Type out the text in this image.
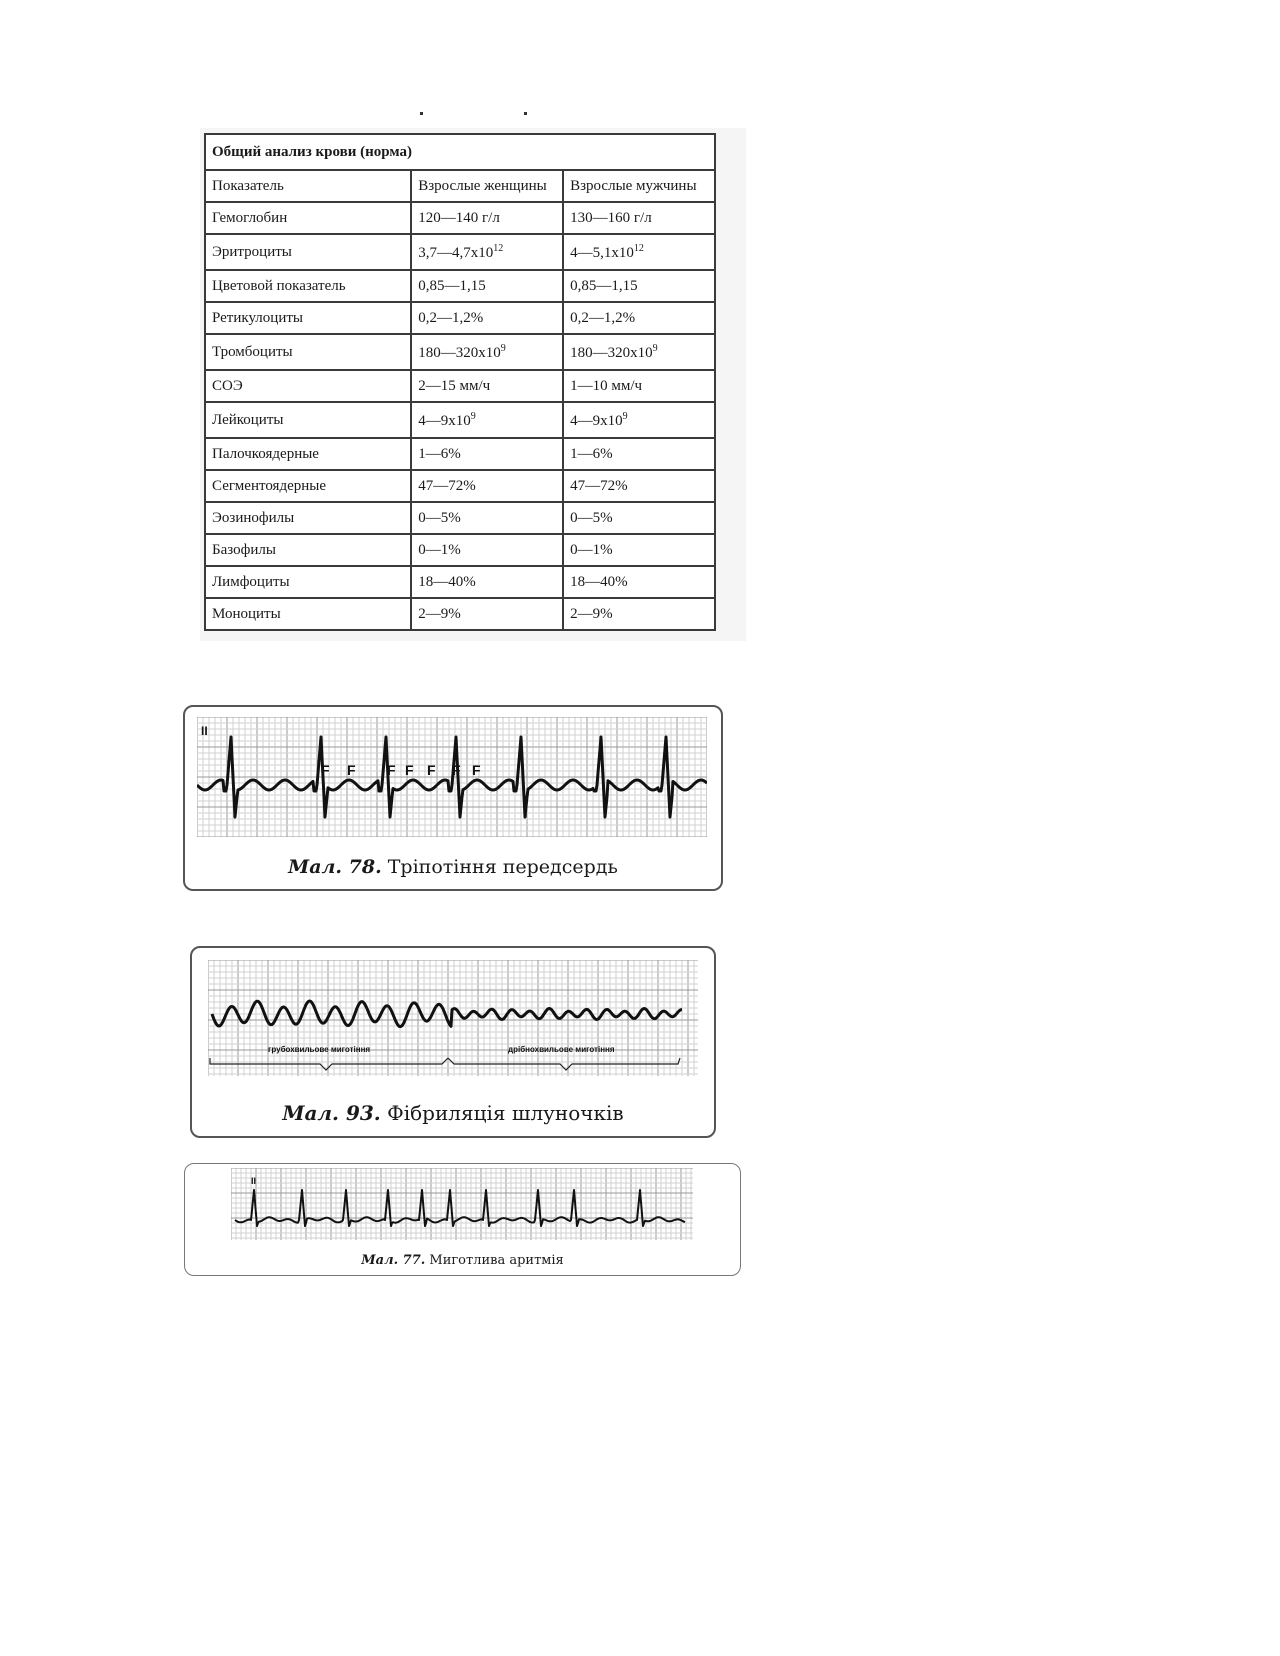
Общий анализ крови (норма)		
Показатель	Взрослые женщины	Взрослые мужчины
Гемоглобин	120—140 г/л	130—160 г/л
Эритроциты	$3,7—4,7x10^{12}$	$4—5,1x10^{12}$
Цветовой показатель	0,85—1,15	0,85—1,15
Ретикулоциты	0,2—1,2%	0,2—1,2%
Тромбоциты	$180—320x10^9$	$180—320x10^9$
СОЭ	2—15 мм/ч	1—10 мм/ч
Лейкоциты	$4—9x10^9$	$4—9x10^9$
Палочкоядерные	1—6%	1—6%
Сегментоядерные	47—72%	47—72%
Эозинофилы	0—5%	0—5%
Базофилы	0—1%	0—1%
Лимфоциты	18—40%	18—40%
Моноциты	2—9%	2—9%
II
F F F F F F F
Мал. 78. Тріпотіння передсердь
грубохвильове миготіння	дрібнохвильове миготіння
Мал. 93. Фібриляція шлуночків
II
Мал. 77. Миготлива аритмія
